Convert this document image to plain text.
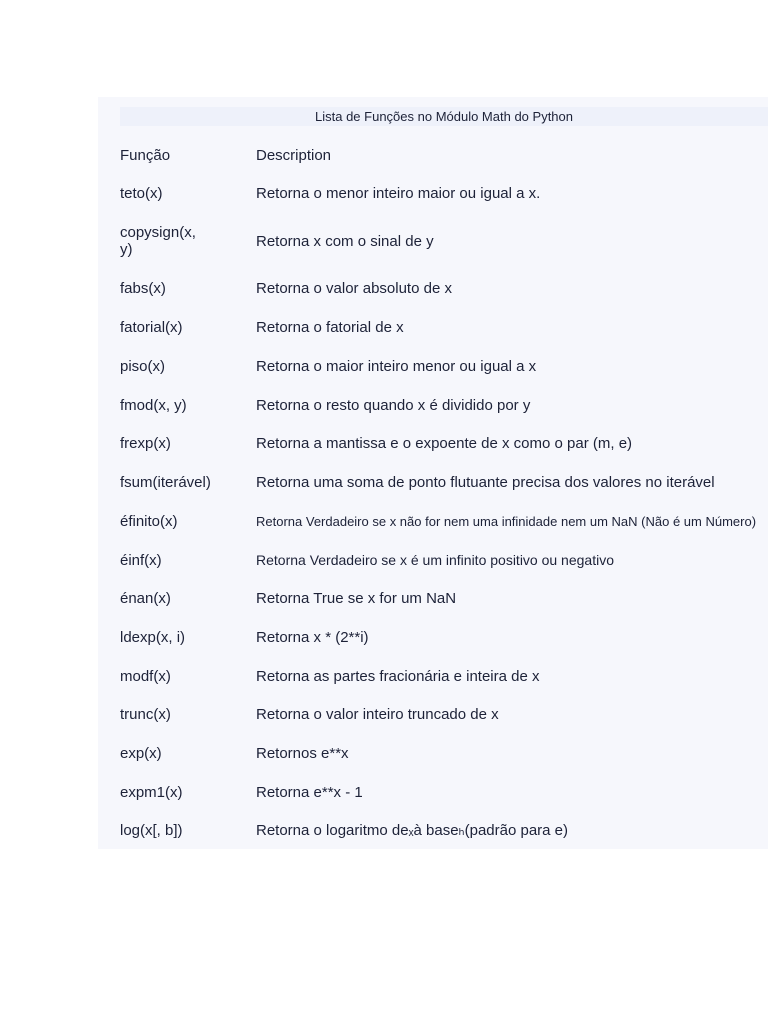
Lista de Funções no Módulo Math do Python
Função	Description
teto(x)	Retorna o menor inteiro maior ou igual a x.
copysign(x, y)	Retorna x com o sinal de y
fabs(x)	Retorna o valor absoluto de x
fatorial(x)	Retorna o fatorial de x
piso(x)	Retorna o maior inteiro menor ou igual a x
fmod(x, y)	Retorna o resto quando x é dividido por y
frexp(x)	Retorna a mantissa e o expoente de x como o par (m, e)
fsum(iterável)	Retorna uma soma de ponto flutuante precisa dos valores no iterável
éfinito(x)	Retorna Verdadeiro se x não for nem uma infinidade nem um NaN (Não é um Número)
éinf(x)	Retorna Verdadeiro se x é um infinito positivo ou negativo
énan(x)	Retorna True se x for um NaN
ldexp(x, i)	Retorna x * (2**i)
modf(x)	Retorna as partes fracionária e inteira de x
trunc(x)	Retorna o valor inteiro truncado de x
exp(x)	Retornos e**x
expm1(x)	Retorna e**x - 1
log(x[, b])	Retorna o logaritmo deₓà baseₕ(padrão para e)
